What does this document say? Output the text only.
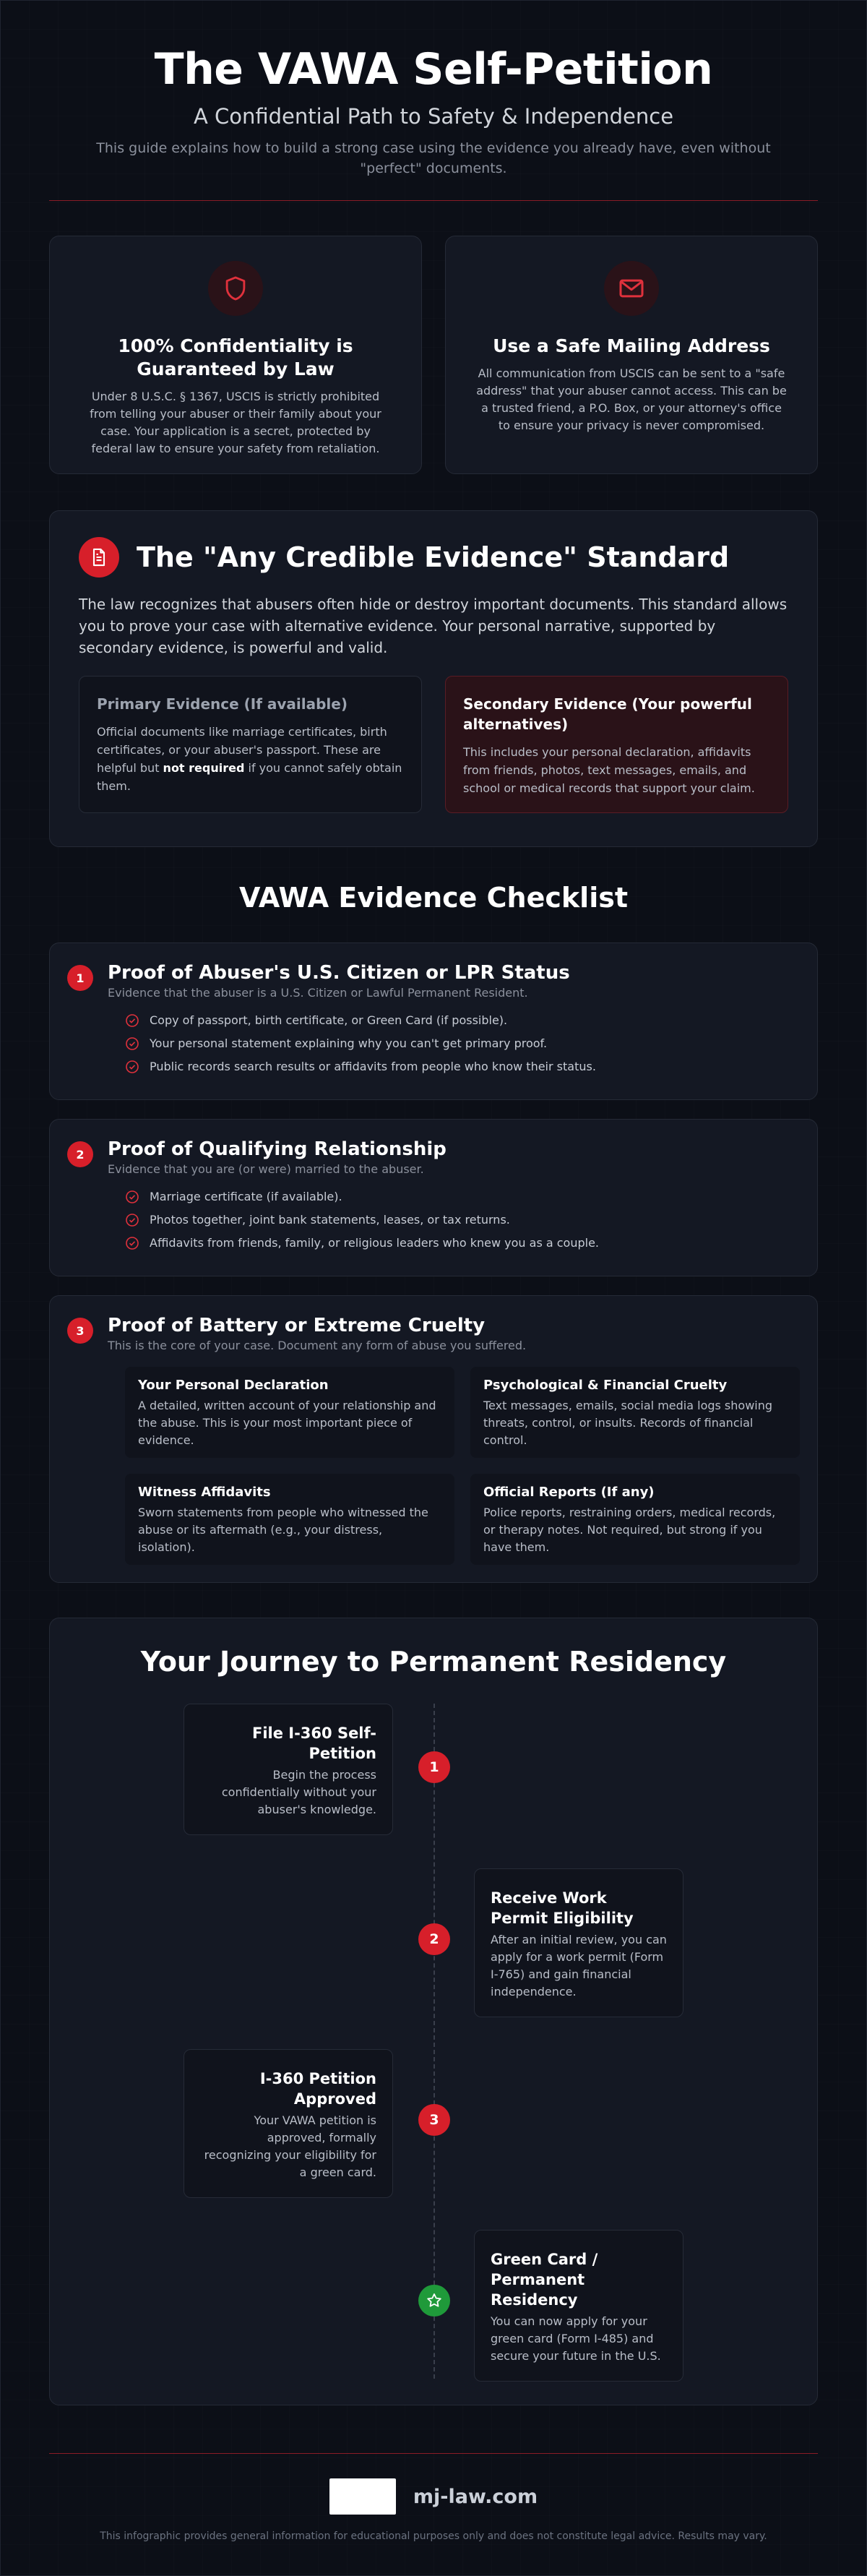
The VAWA Self-Petition
A Confidential Path to Safety & Independence

This guide explains how to build a strong case using the evidence you already have, even without "perfect" documents.

100% Confidentiality is Guaranteed by Law

Under 8 U.S.C. § 1367, USCIS is strictly prohibited from telling your abuser or their family about your case. Your application is a secret, protected by federal law to ensure your safety from retaliation.

Use a Safe Mailing Address

All communication from USCIS can be sent to a "safe address" that your abuser cannot access. This can be a trusted friend, a P.O. Box, or your attorney's office to ensure your privacy is never compromised.

The "Any Credible Evidence" Standard

The law recognizes that abusers often hide or destroy important documents. This standard allows you to prove your case with alternative evidence. Your personal narrative, supported by secondary evidence, is powerful and valid.

Primary Evidence (If available)

Official documents like marriage certificates, birth certificates, or your abuser's passport. These are helpful but not required if you cannot safely obtain them.

Secondary Evidence (Your powerful alternatives)

This includes your personal declaration, affidavits from friends, photos, text messages, emails, and school or medical records that support your claim.

VAWA Evidence Checklist
1	Proof of Abuser's U.S. Citizen or LPR Status
Evidence that the abuser is a U.S. Citizen or Lawful Permanent Resident.
Copy of passport, birth certificate, or Green Card (if possible).
Your personal statement explaining why you can't get primary proof.
Public records search results or affidavits from people who know their status.
2	Proof of Qualifying Relationship
Evidence that you are (or were) married to the abuser.
Marriage certificate (if available).
Photos together, joint bank statements, leases, or tax returns.
Affidavits from friends, family, or religious leaders who knew you as a couple.
3	Proof of Battery or Extreme Cruelty
This is the core of your case. Document any form of abuse you suffered.
Your Personal Declaration

A detailed, written account of your relationship and the abuse. This is your most important piece of evidence.

Psychological & Financial Cruelty

Text messages, emails, social media logs showing threats, control, or insults. Records of financial control.

Witness Affidavits

Sworn statements from people who witnessed the abuse or its aftermath (e.g., your distress, isolation).

Official Reports (If any)

Police reports, restraining orders, medical records, or therapy notes. Not required, but strong if you have them.

Your Journey to Permanent Residency
File I-360 Self-Petition

Begin the process confidentially without your abuser's knowledge.

1
Receive Work Permit Eligibility

After an initial review, you can apply for a work permit (Form I-765) and gain financial independence.

2
I-360 Petition Approved

Your VAWA petition is approved, formally recognizing your eligibility for a green card.

3
Green Card / Permanent Residency

You can now apply for your green card (Form I-485) and secure your future in the U.S.

mj-law.com

This infographic provides general information for educational purposes only and does not constitute legal advice. Results may vary.
